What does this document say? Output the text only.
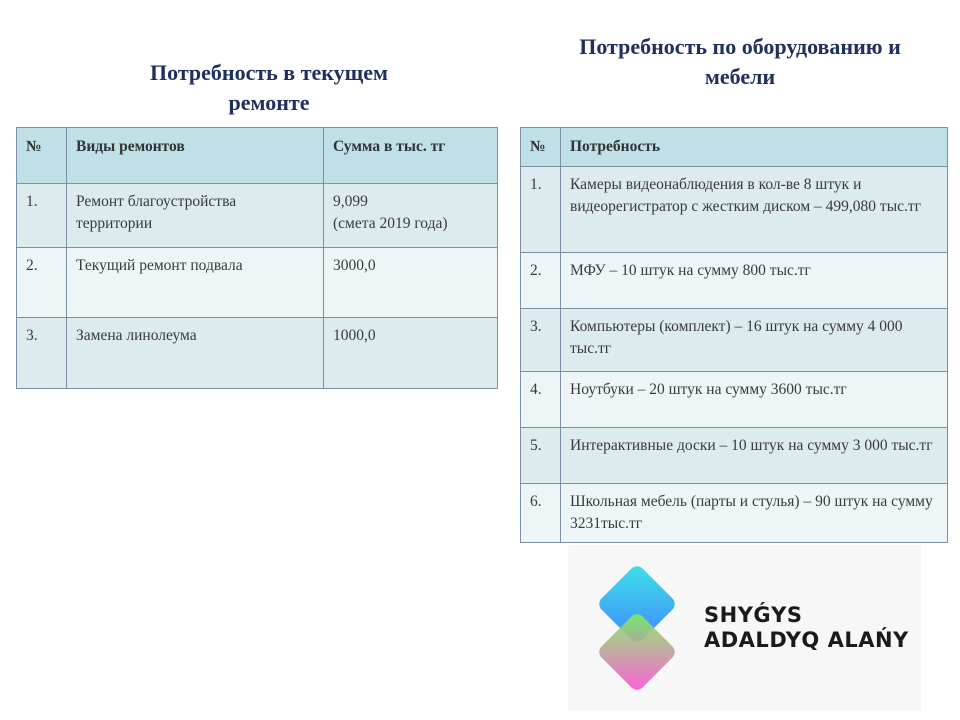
Потребность в текущем ремонте
№	Виды ремонтов	Сумма в тыс. тг
1.	Ремонт благоустройства территории	9,099
(смета 2019 года)
2.	Текущий ремонт подвала	3000,0
3.	Замена линолеума	1000,0
Потребность по оборудованию и мебели
№	Потребность
1.	Камеры видеонаблюдения в кол-ве 8 штук и видеорегистратор с жестким диском – 499,080 тыс.тг
2.	МФУ – 10 штук на сумму 800 тыс.тг
3.	Компьютеры (комплект) – 16 штук на сумму 4 000 тыс.тг
4.	Ноутбуки – 20 штук на сумму 3600 тыс.тг
5.	Интерактивные доски – 10 штук на сумму 3 000 тыс.тг
6.	Школьная мебель (парты и стулья) – 90 штук на сумму 3231тыс.тг
SHYǴYS
ADALDYQ ALAŃY
